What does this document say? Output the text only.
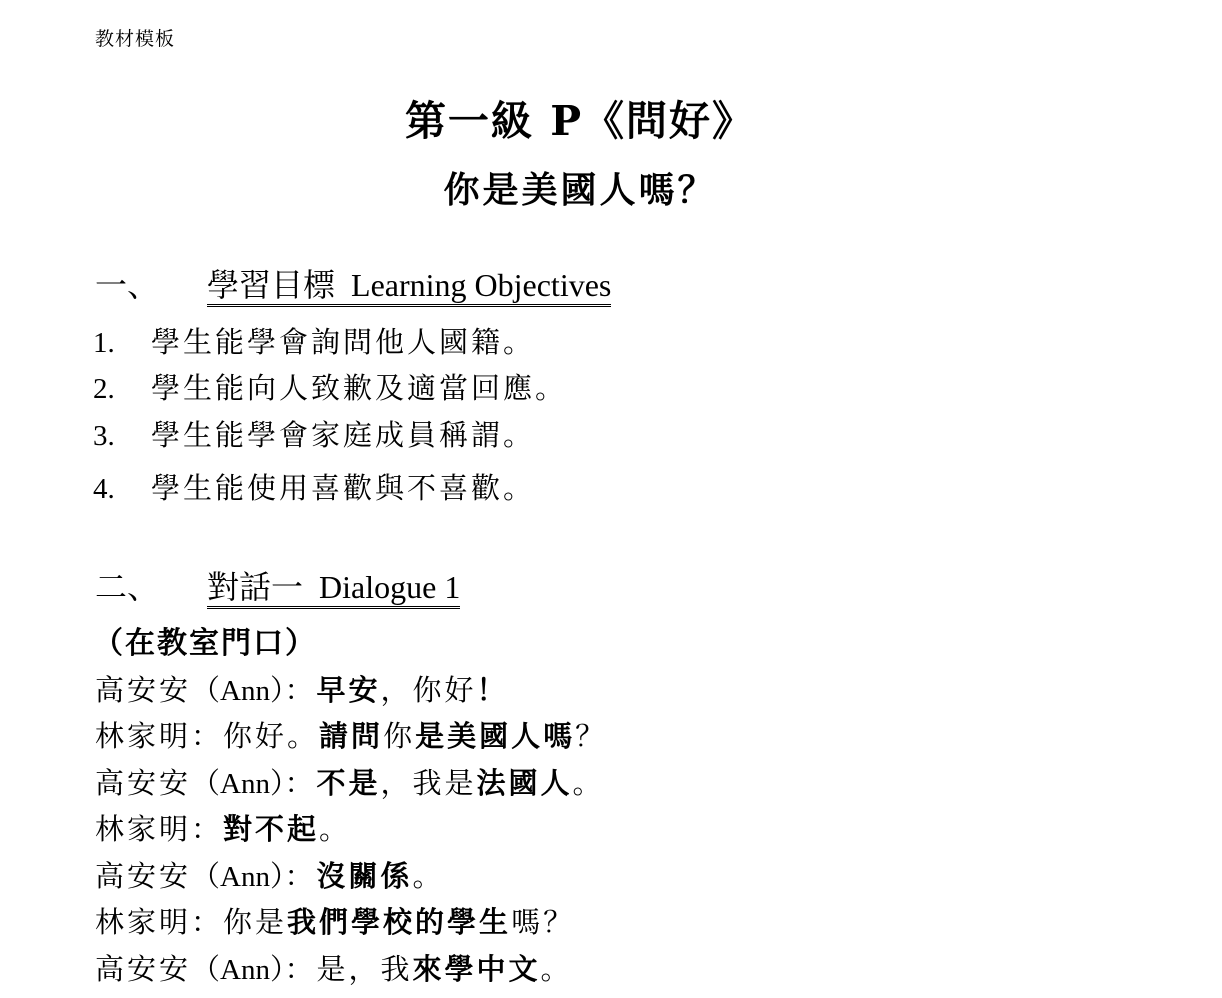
教材模板
第一級 P《問好》
你是美國人嗎？
一、	學習目標 Learning Objectives
1. 學生能學會詢問他人國籍。
2. 學生能向人致歉及適當回應。
3. 學生能學會家庭成員稱謂。
4. 學生能使用喜歡與不喜歡。
二、	對話一 Dialogue 1
（在教室門口）
高安安（Ann）：早安，你好！
林家明：你好。請問你是美國人嗎？
高安安（Ann）：不是，我是法國人。
林家明：對不起。
高安安（Ann）：沒關係。
林家明：你是我們學校的學生嗎？
高安安（Ann）：是，我來學中文。
